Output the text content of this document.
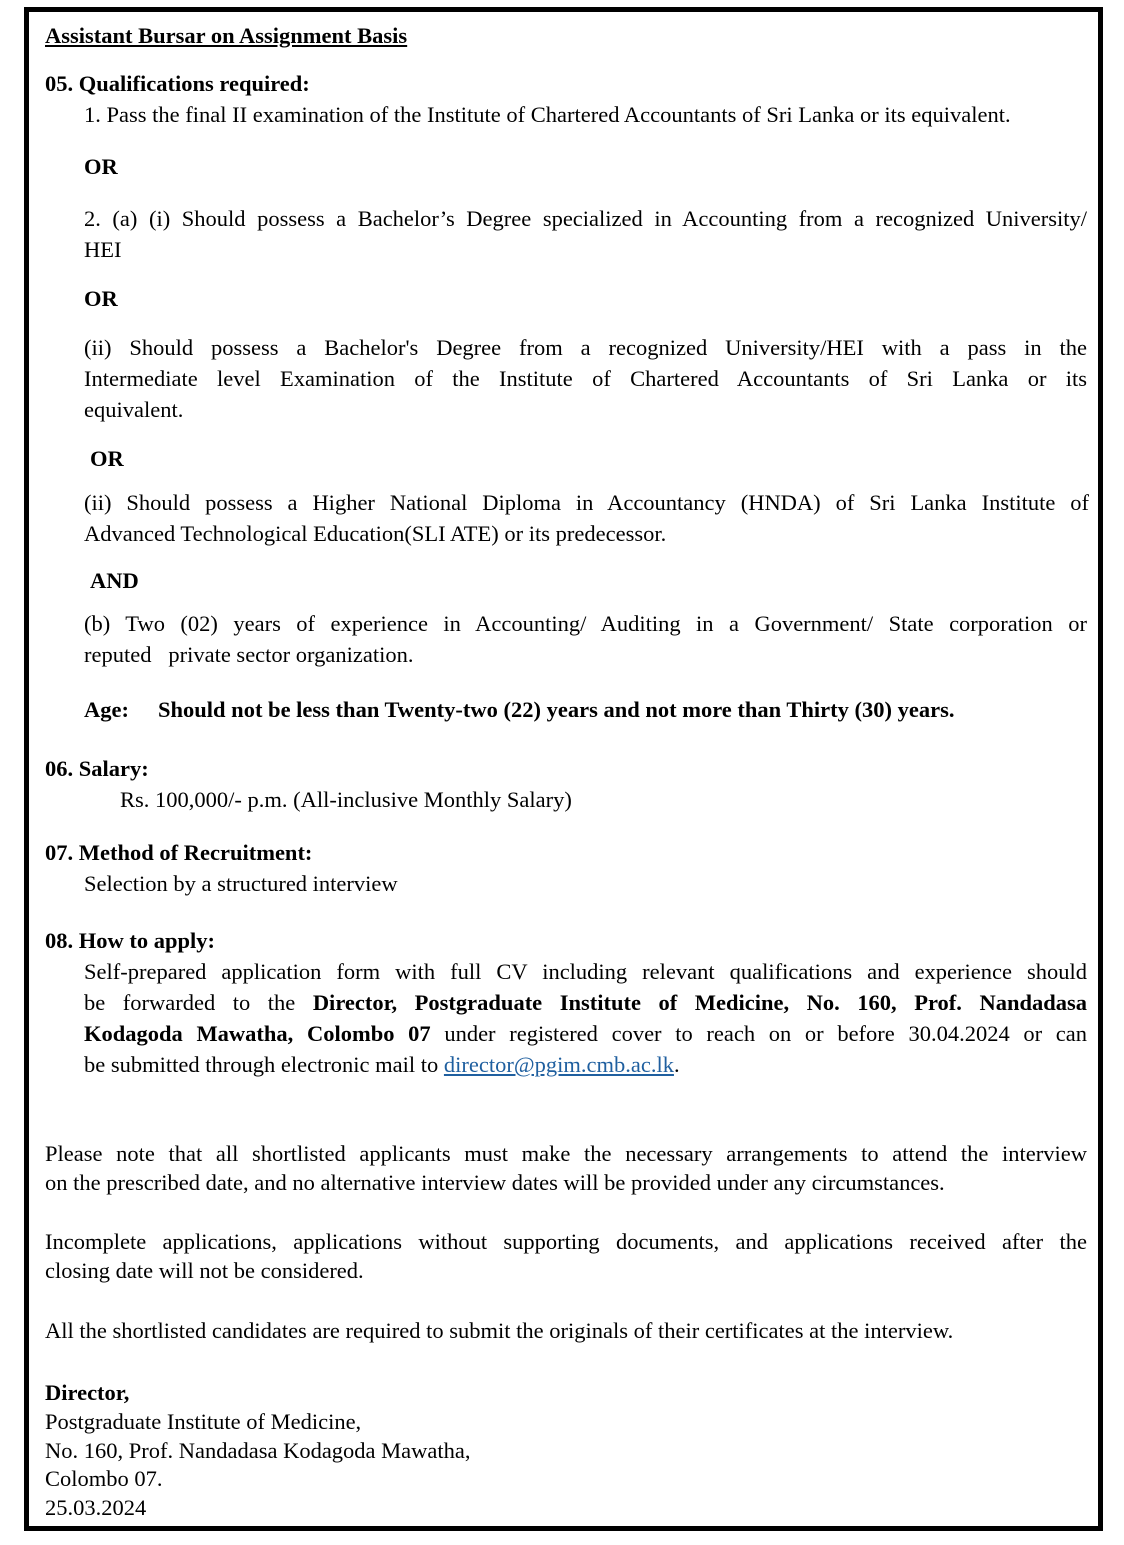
Assistant Bursar on Assignment Basis
05. Qualifications required:
1. Pass the final II examination of the Institute of Chartered Accountants of Sri Lanka or its equivalent.
OR
2. (a) (i) Should possess a Bachelor’s Degree specialized in Accounting from a recognized University/
HEI
OR
(ii) Should possess a Bachelor's Degree from a recognized University/HEI with a pass in the
Intermediate level Examination of the Institute of Chartered Accountants of Sri Lanka or its
equivalent.
OR
(ii) Should possess a Higher National Diploma in Accountancy (HNDA) of Sri Lanka Institute of
Advanced Technological Education(SLI ATE) or its predecessor.
AND
(b) Two (02) years of experience in Accounting/ Auditing in a Government/ State corporation or
reputed   private sector organization.
Age: Should not be less than Twenty-two (22) years and not more than Thirty (30) years.
06. Salary:
Rs. 100,000/- p.m. (All-inclusive Monthly Salary)
07. Method of Recruitment:
Selection by a structured interview
08. How to apply:
Self-prepared application form with full CV including relevant qualifications and experience should
be forwarded to the Director, Postgraduate Institute of Medicine, No. 160, Prof. Nandadasa
Kodagoda Mawatha, Colombo 07 under registered cover to reach on or before 30.04.2024 or can
be submitted through electronic mail to director@pgim.cmb.ac.lk.
Please note that all shortlisted applicants must make the necessary arrangements to attend the interview
on the prescribed date, and no alternative interview dates will be provided under any circumstances.
Incomplete applications, applications without supporting documents, and applications received after the
closing date will not be considered.
All the shortlisted candidates are required to submit the originals of their certificates at the interview.
Director,
Postgraduate Institute of Medicine,
No. 160, Prof. Nandadasa Kodagoda Mawatha,
Colombo 07.
25.03.2024
